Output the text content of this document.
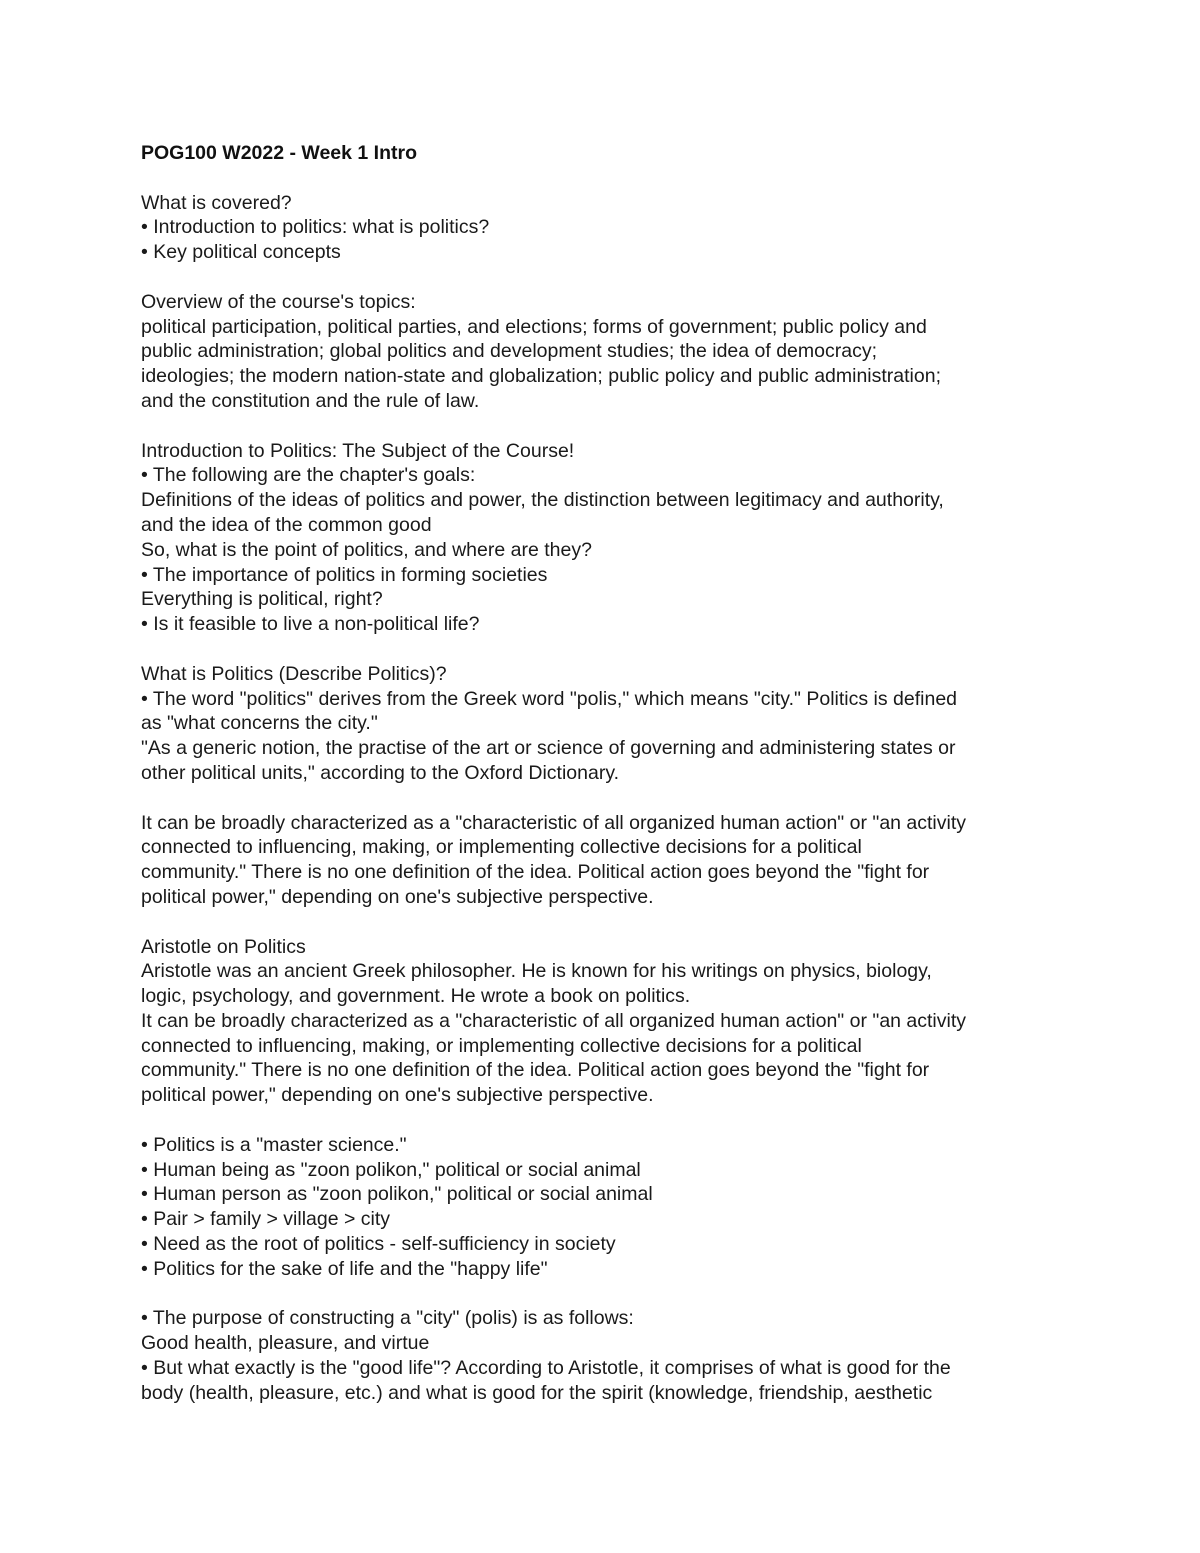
POG100 W2022 - Week 1 Intro
What is covered?
• Introduction to politics: what is politics?
• Key political concepts
Overview of the course's topics:
political participation, political parties, and elections; forms of government; public policy and
public administration; global politics and development studies; the idea of democracy;
ideologies; the modern nation-state and globalization; public policy and public administration;
and the constitution and the rule of law.
Introduction to Politics: The Subject of the Course!
• The following are the chapter's goals:
Definitions of the ideas of politics and power, the distinction between legitimacy and authority,
and the idea of the common good
So, what is the point of politics, and where are they?
• The importance of politics in forming societies
Everything is political, right?
• Is it feasible to live a non-political life?
What is Politics (Describe Politics)?
• The word "politics" derives from the Greek word "polis," which means "city." Politics is defined
as "what concerns the city."
"As a generic notion, the practise of the art or science of governing and administering states or
other political units," according to the Oxford Dictionary.
It can be broadly characterized as a "characteristic of all organized human action" or "an activity
connected to influencing, making, or implementing collective decisions for a political
community." There is no one definition of the idea. Political action goes beyond the "fight for
political power," depending on one's subjective perspective.
Aristotle on Politics
Aristotle was an ancient Greek philosopher. He is known for his writings on physics, biology,
logic, psychology, and government. He wrote a book on politics.
It can be broadly characterized as a "characteristic of all organized human action" or "an activity
connected to influencing, making, or implementing collective decisions for a political
community." There is no one definition of the idea. Political action goes beyond the "fight for
political power," depending on one's subjective perspective.
• Politics is a "master science."
• Human being as "zoon polikon," political or social animal
• Human person as "zoon polikon," political or social animal
• Pair > family > village > city
• Need as the root of politics - self-sufficiency in society
• Politics for the sake of life and the "happy life"
• The purpose of constructing a "city" (polis) is as follows:
Good health, pleasure, and virtue
• But what exactly is the "good life"? According to Aristotle, it comprises of what is good for the
body (health, pleasure, etc.) and what is good for the spirit (knowledge, friendship, aesthetic
